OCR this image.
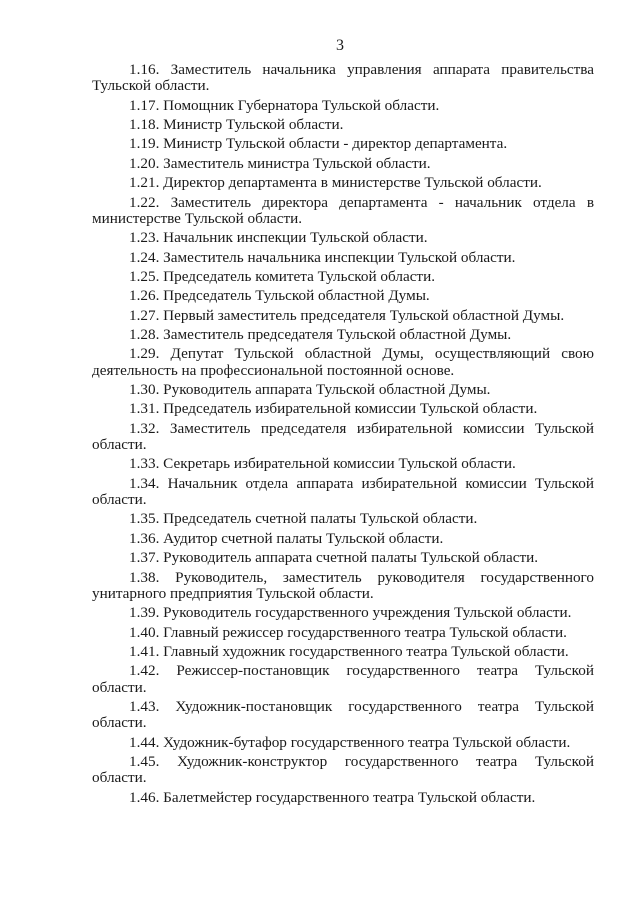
3

1.16. Заместитель начальника управления аппарата правительства Тульской области.

1.17. Помощник Губернатора Тульской области.

1.18. Министр Тульской области.

1.19. Министр Тульской области - директор департамента.

1.20. Заместитель министра Тульской области.

1.21. Директор департамента в министерстве Тульской области.

1.22. Заместитель директора департамента - начальник отдела в министерстве Тульской области.

1.23. Начальник инспекции Тульской области.

1.24. Заместитель начальника инспекции Тульской области.

1.25. Председатель комитета Тульской области.

1.26. Председатель Тульской областной Думы.

1.27. Первый заместитель председателя Тульской областной Думы.

1.28. Заместитель председателя Тульской областной Думы.

1.29. Депутат Тульской областной Думы, осуществляющий свою деятельность на профессиональной постоянной основе.

1.30. Руководитель аппарата Тульской областной Думы.

1.31. Председатель избирательной комиссии Тульской области.

1.32. Заместитель председателя избирательной комиссии Тульской области.

1.33. Секретарь избирательной комиссии Тульской области.

1.34. Начальник отдела аппарата избирательной комиссии Тульской области.

1.35. Председатель счетной палаты Тульской области.

1.36. Аудитор счетной палаты Тульской области.

1.37. Руководитель аппарата счетной палаты Тульской области.

1.38. Руководитель, заместитель руководителя государственного унитарного предприятия Тульской области.

1.39. Руководитель государственного учреждения Тульской области.

1.40. Главный режиссер государственного театра Тульской области.

1.41. Главный художник государственного театра Тульской области.

1.42. Режиссер-постановщик государственного театра Тульской области.

1.43. Художник-постановщик государственного театра Тульской области.

1.44. Художник-бутафор государственного театра Тульской области.

1.45. Художник-конструктор государственного театра Тульской области.

1.46. Балетмейстер государственного театра Тульской области.
